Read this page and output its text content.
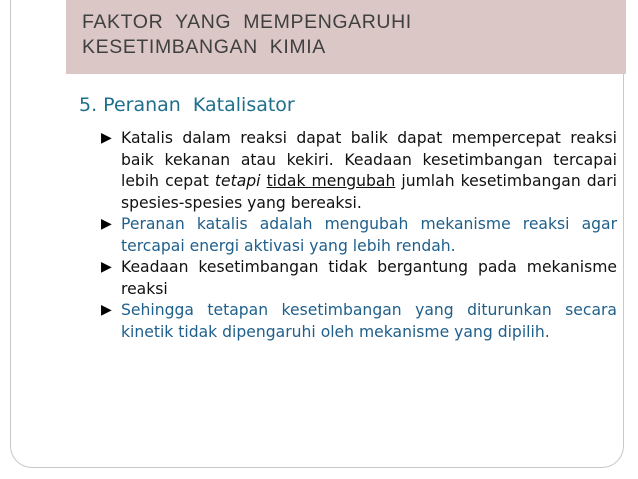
FAKTOR  YANG  MEMPENGARUHI
KESETIMBANGAN  KIMIA
5. Peranan  Katalisator
▶ Katalis dalam reaksi dapat balik dapat mempercepat reaksi baik kekanan atau kekiri. Keadaan kesetimbangan tercapai lebih cepat tetapi tidak mengubah jumlah kesetimbangan dari spesies-spesies yang bereaksi.
▶ Peranan katalis adalah mengubah mekanisme reaksi agar tercapai energi aktivasi yang lebih rendah.
▶ Keadaan kesetimbangan tidak bergantung pada mekanisme reaksi
▶ Sehingga tetapan kesetimbangan yang diturunkan secara kinetik tidak dipengaruhi oleh mekanisme yang dipilih.
